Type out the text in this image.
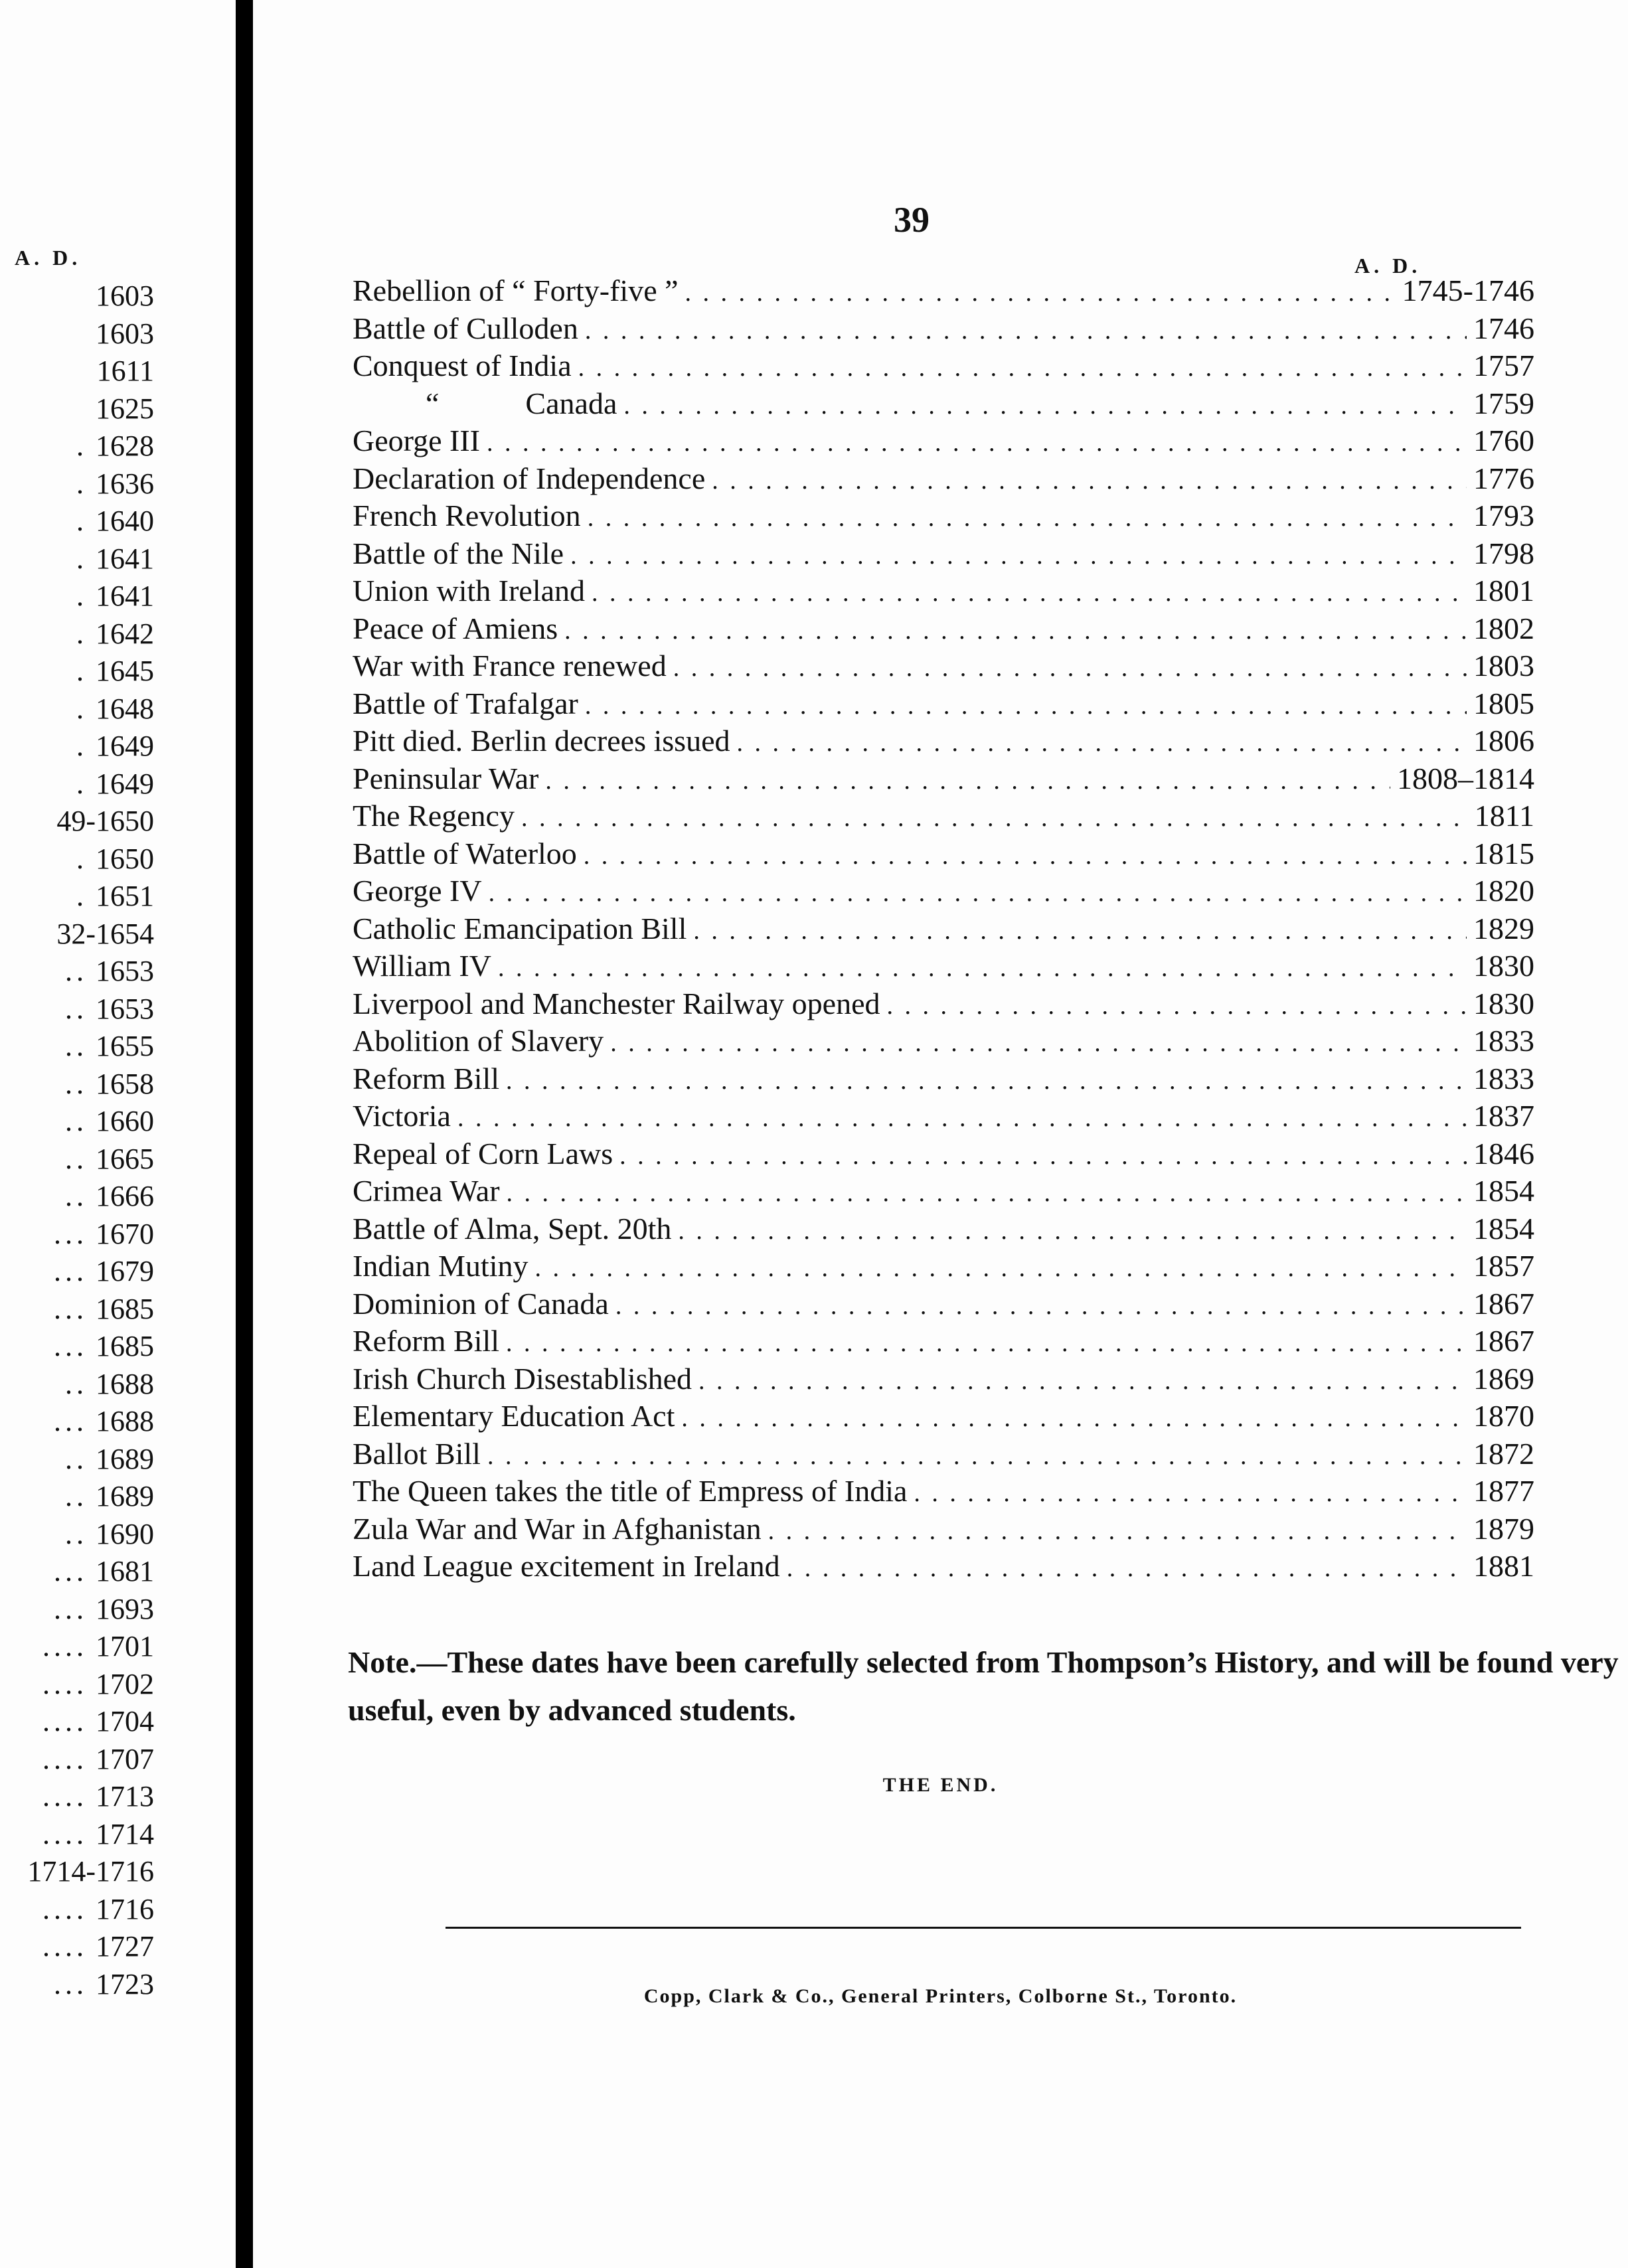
A. D.
1603
1603
1611
1625
. 1628
. 1636
. 1640
. 1641
. 1641
. 1642
. 1645
. 1648
. 1649
. 1649
49-1650
. 1650
. 1651
32-1654
.. 1653
.. 1653
.. 1655
.. 1658
.. 1660
.. 1665
.. 1666
... 1670
... 1679
... 1685
... 1685
.. 1688
... 1688
.. 1689
.. 1689
.. 1690
... 1681
... 1693
.... 1701
.... 1702
.... 1704
.... 1707
.... 1713
.... 1714
1714-1716
.... 1716
.... 1727
... 1723
39
A. D.
Rebellion of “ Forty-five ” . . .	1745-1746
Battle of Culloden . . .	1746
Conquest of India . . .	1757
“	Canada . . .	1759
George III . . .	1760
Declaration of Independence . . .	1776
French Revolution . . .	1793
Battle of the Nile . . .	1798
Union with Ireland . . .	1801
Peace of Amiens . . .	1802
War with France renewed . . .	1803
Battle of Trafalgar . . .	1805
Pitt died. Berlin decrees issued . . .	1806
Peninsular War . . .	1808–1814
The Regency . . .	1811
Battle of Waterloo . . .	1815
George IV . . .	1820
Catholic Emancipation Bill . . .	1829
William IV . . .	1830
Liverpool and Manchester Railway opened . . .	1830
Abolition of Slavery . . .	1833
Reform Bill . . .	1833
Victoria . . .	1837
Repeal of Corn Laws . . .	1846
Crimea War . . .	1854
Battle of Alma, Sept. 20th . . .	1854
Indian Mutiny . . .	1857
Dominion of Canada . . .	1867
Reform Bill . . .	1867
Irish Church Disestablished . . .	1869
Elementary Education Act . . .	1870
Ballot Bill . . .	1872
The Queen takes the title of Empress of India . . .	1877
Zula War and War in Afghanistan . . .	1879
Land League excitement in Ireland . . .	1881
Note.—These dates have been carefully selected from Thompson’s History, and will be found very useful, even by advanced students.
THE END.
Copp, Clark & Co., General Printers, Colborne St., Toronto.
